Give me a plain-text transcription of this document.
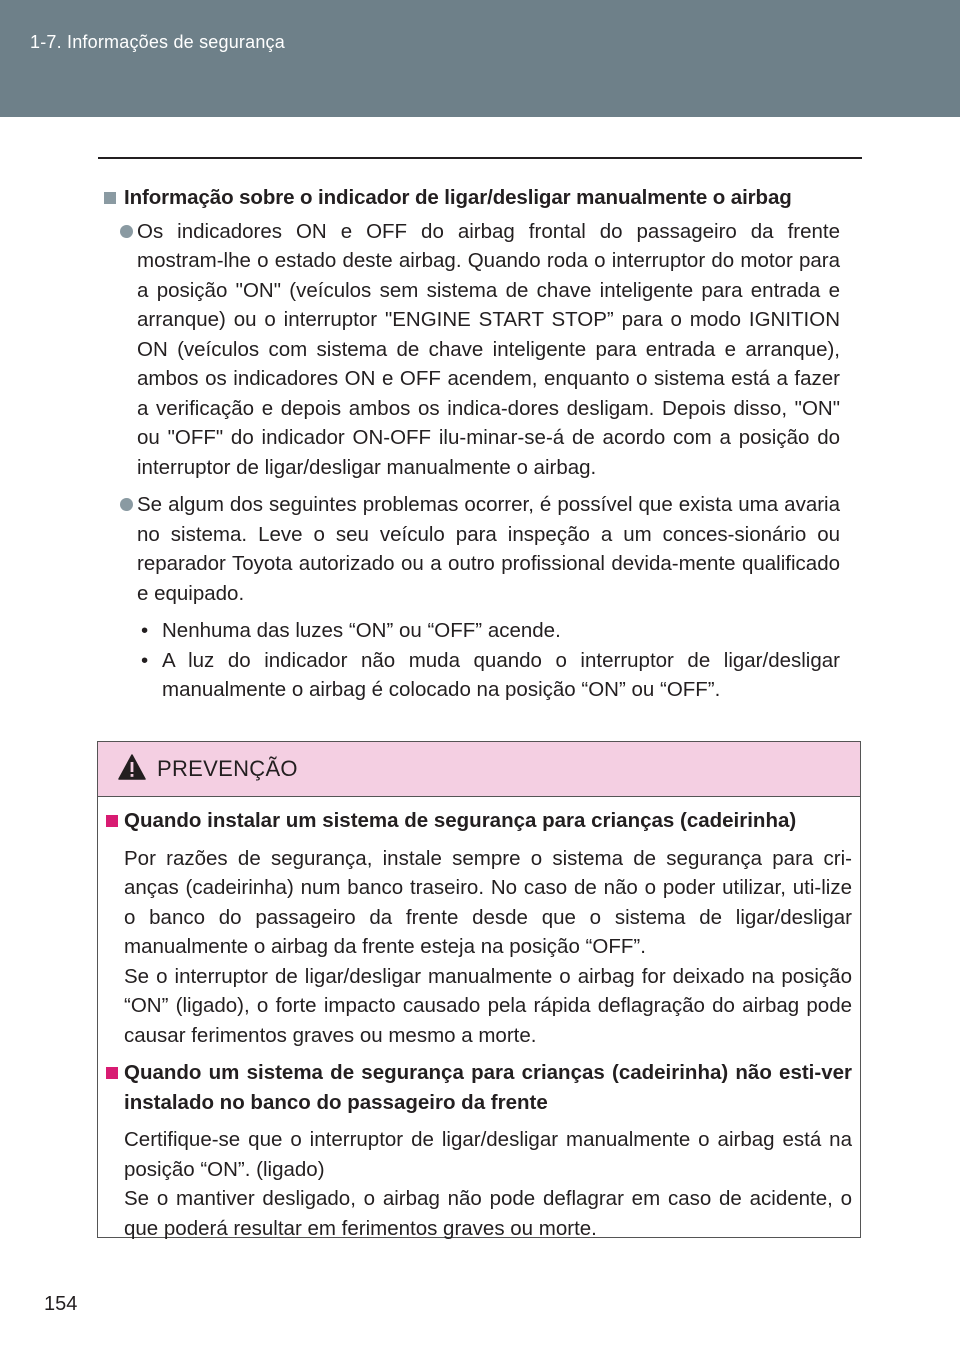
1-7. Informações de segurança
Informação sobre o indicador de ligar/desligar manualmente o airbag
Os indicadores ON e OFF do airbag frontal do passageiro da frente mostram-lhe o estado deste airbag. Quando roda o interruptor do motor para a posição "ON" (veículos sem sistema de chave inteligente para entrada e arranque) ou o interruptor "ENGINE START STOP” para o modo IGNITION ON (veículos com sistema de chave inteligente para entrada e arranque), ambos os indicadores ON e OFF acendem, enquanto o sistema está a fazer a verificação e depois ambos os indica-dores desligam. Depois disso, "ON" ou "OFF" do indicador ON-OFF ilu-minar-se-á de acordo com a posição do interruptor de ligar/desligar manualmente o airbag.
Se algum dos seguintes problemas ocorrer, é possível que exista uma avaria no sistema. Leve o seu veículo para inspeção a um conces-sionário ou reparador Toyota autorizado ou a outro profissional devida-mente qualificado e equipado.
• Nenhuma das luzes “ON” ou “OFF” acende.
• A luz do indicador não muda quando o interruptor de ligar/desligar manualmente o airbag é colocado na posição “ON” ou “OFF”.
PREVENÇÃO
Quando instalar um sistema de segurança para crianças (cadeirinha)
Por razões de segurança, instale sempre o sistema de segurança para cri-anças (cadeirinha) num banco traseiro. No caso de não o poder utilizar, uti-lize o banco do passageiro da frente desde que o sistema de ligar/desligar manualmente o airbag da frente esteja na posição “OFF”.
Se o interruptor de ligar/desligar manualmente o airbag for deixado na posição “ON” (ligado), o forte impacto causado pela rápida deflagração do airbag pode causar ferimentos graves ou mesmo a morte.
Quando um sistema de segurança para crianças (cadeirinha) não esti-ver instalado no banco do passageiro da frente
Certifique-se que o interruptor de ligar/desligar manualmente o airbag está na posição “ON”. (ligado)
Se o mantiver desligado, o airbag não pode deflagrar em caso de acidente, o que poderá resultar em ferimentos graves ou morte.
154
